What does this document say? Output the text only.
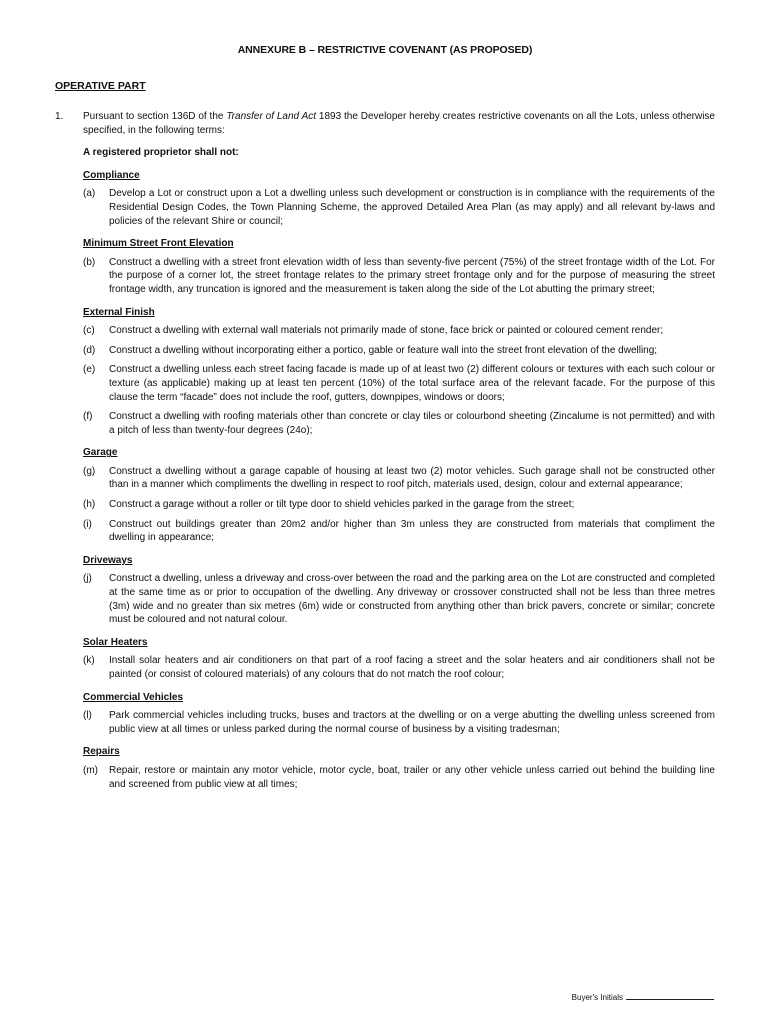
ANNEXURE B – RESTRICTIVE COVENANT (AS PROPOSED)
OPERATIVE PART
1. Pursuant to section 136D of the Transfer of Land Act 1893 the Developer hereby creates restrictive covenants on all the Lots, unless otherwise specified, in the following terms:
A registered proprietor shall not:
Compliance
(a) Develop a Lot or construct upon a Lot a dwelling unless such development or construction is in compliance with the requirements of the Residential Design Codes, the Town Planning Scheme, the approved Detailed Area Plan (as may apply) and all relevant by-laws and policies of the relevant Shire or council;
Minimum Street Front Elevation
(b) Construct a dwelling with a street front elevation width of less than seventy-five percent (75%) of the street frontage width of the Lot. For the purpose of a corner lot, the street frontage relates to the primary street frontage only and for the purpose of measuring the street frontage width, any truncation is ignored and the measurement is taken along the side of the Lot abutting the primary street;
External Finish
(c) Construct a dwelling with external wall materials not primarily made of stone, face brick or painted or coloured cement render;
(d) Construct a dwelling without incorporating either a portico, gable or feature wall into the street front elevation of the dwelling;
(e) Construct a dwelling unless each street facing facade is made up of at least two (2) different colours or textures with each such colour or texture (as applicable) making up at least ten percent (10%) of the total surface area of the relevant facade. For the purpose of this clause the term “facade” does not include the roof, gutters, downpipes, windows or doors;
(f) Construct a dwelling with roofing materials other than concrete or clay tiles or colourbond sheeting (Zincalume is not permitted) and with a pitch of less than twenty-four degrees (24o);
Garage
(g) Construct a dwelling without a garage capable of housing at least two (2) motor vehicles. Such garage shall not be constructed other than in a manner which compliments the dwelling in respect to roof pitch, materials used, design, colour and external appearance;
(h) Construct a garage without a roller or tilt type door to shield vehicles parked in the garage from the street;
(i) Construct out buildings greater than 20m2 and/or higher than 3m unless they are constructed from materials that compliment the dwelling in appearance;
Driveways
(j) Construct a dwelling, unless a driveway and cross-over between the road and the parking area on the Lot are constructed and completed at the same time as or prior to occupation of the dwelling. Any driveway or crossover constructed shall not be less than three metres (3m) wide and no greater than six metres (6m) wide or constructed from anything other than brick pavers, concrete or similar; concrete must be coloured and not natural colour.
Solar Heaters
(k) Install solar heaters and air conditioners on that part of a roof facing a street and the solar heaters and air conditioners shall not be painted (or consist of coloured materials) of any colours that do not match the roof colour;
Commercial Vehicles
(l) Park commercial vehicles including trucks, buses and tractors at the dwelling or on a verge abutting the dwelling unless screened from public view at all times or unless parked during the normal course of business by a visiting tradesman;
Repairs
(m) Repair, restore or maintain any motor vehicle, motor cycle, boat, trailer or any other vehicle unless carried out behind the building line and screened from public view at all times;
Buyer's Initials
